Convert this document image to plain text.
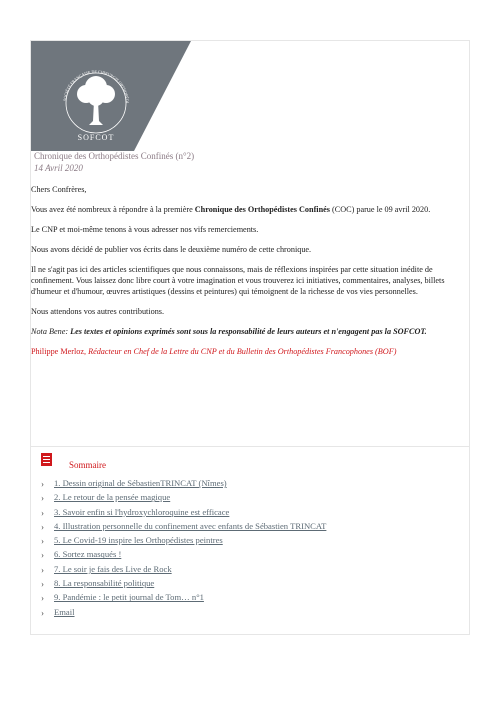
SOCIÉTÉ FRANÇAISE DE CHIRURGIE ORTHOPÉDI
SOFCOT
Chronique des Orthopédistes Confinés (n°2)
14 Avril 2020

Chers Confrères,

Vous avez été nombreux à répondre à la première Chronique des Orthopédistes Confinés (COC) parue le 09 avril 2020.

Le CNP et moi-même tenons à vous adresser nos vifs remerciements.

Nous avons décidé de publier vos écrits dans le deuxième numéro de cette chronique.

Il ne s'agit pas ici des articles scientifiques que nous connaissons, mais de réflexions inspirées par cette situation inédite de confinement. Vous laissez donc libre court à votre imagination et vous trouverez ici initiatives, commentaires, analyses, billets d'humeur et d'humour, œuvres artistiques (dessins et peintures) qui témoignent de la richesse de vos vies personnelles.

Nous attendons vos autres contributions.

Nota Bene: Les textes et opinions exprimés sont sous la responsabilité de leurs auteurs et n'engagent pas la SOFCOT.

Philippe Merloz, Rédacteur en Chef de la Lettre du CNP et du Bulletin des Orthopédistes Francophones (BOF)

Sommaire
›	1. Dessin original de SébastienTRINCAT (Nîmes)
›	2. Le retour de la pensée magique
›	3. Savoir enfin si l'hydroxychloroquine est efficace
›	4. Illustration personnelle du confinement avec enfants de Sébastien TRINCAT
›	5. Le Covid-19 inspire les Orthopédistes peintres
›	6. Sortez masqués !
›	7. Le soir je fais des Live de Rock
›	8. La responsabilité politique
›	9. Pandémie : le petit journal de Tom… n°1
›	Email
